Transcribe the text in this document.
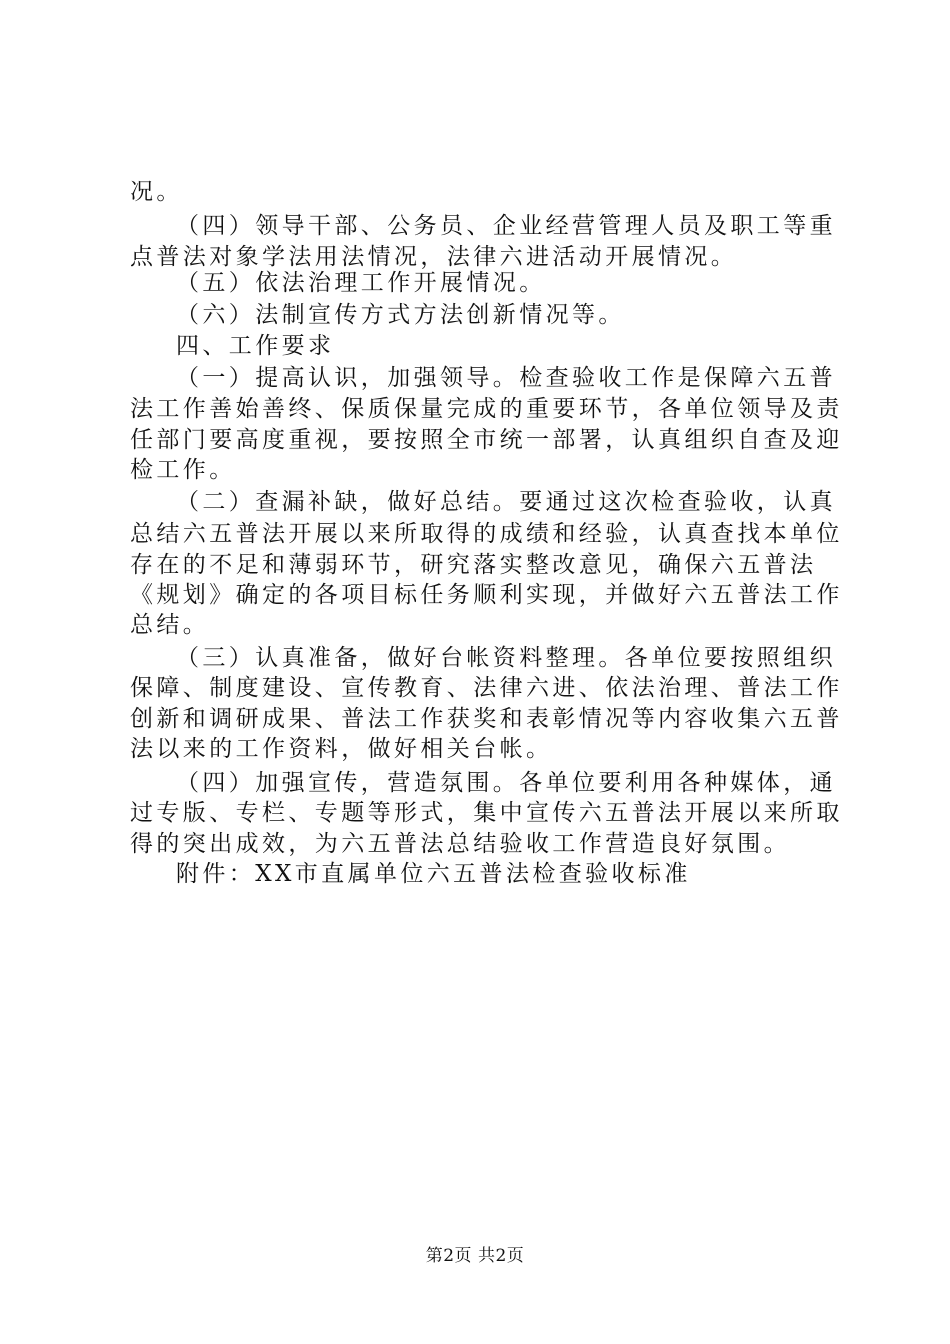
况。
（四）领导干部、公务员、企业经营管理人员及职工等重
点普法对象学法用法情况，法律六进活动开展情况。
（五）依法治理工作开展情况。
（六）法制宣传方式方法创新情况等。
四、工作要求
（一）提高认识，加强领导。检查验收工作是保障六五普
法工作善始善终、保质保量完成的重要环节，各单位领导及责
任部门要高度重视，要按照全市统一部署，认真组织自查及迎
检工作。
（二）查漏补缺，做好总结。要通过这次检查验收，认真
总结六五普法开展以来所取得的成绩和经验，认真查找本单位
存在的不足和薄弱环节，研究落实整改意见，确保六五普法
《规划》确定的各项目标任务顺利实现，并做好六五普法工作
总结。
（三）认真准备，做好台帐资料整理。各单位要按照组织
保障、制度建设、宣传教育、法律六进、依法治理、普法工作
创新和调研成果、普法工作获奖和表彰情况等内容收集六五普
法以来的工作资料，做好相关台帐。
（四）加强宣传，营造氛围。各单位要利用各种媒体，通
过专版、专栏、专题等形式，集中宣传六五普法开展以来所取
得的突出成效，为六五普法总结验收工作营造良好氛围。
附件：XX市直属单位六五普法检查验收标准
第2页 共2页
